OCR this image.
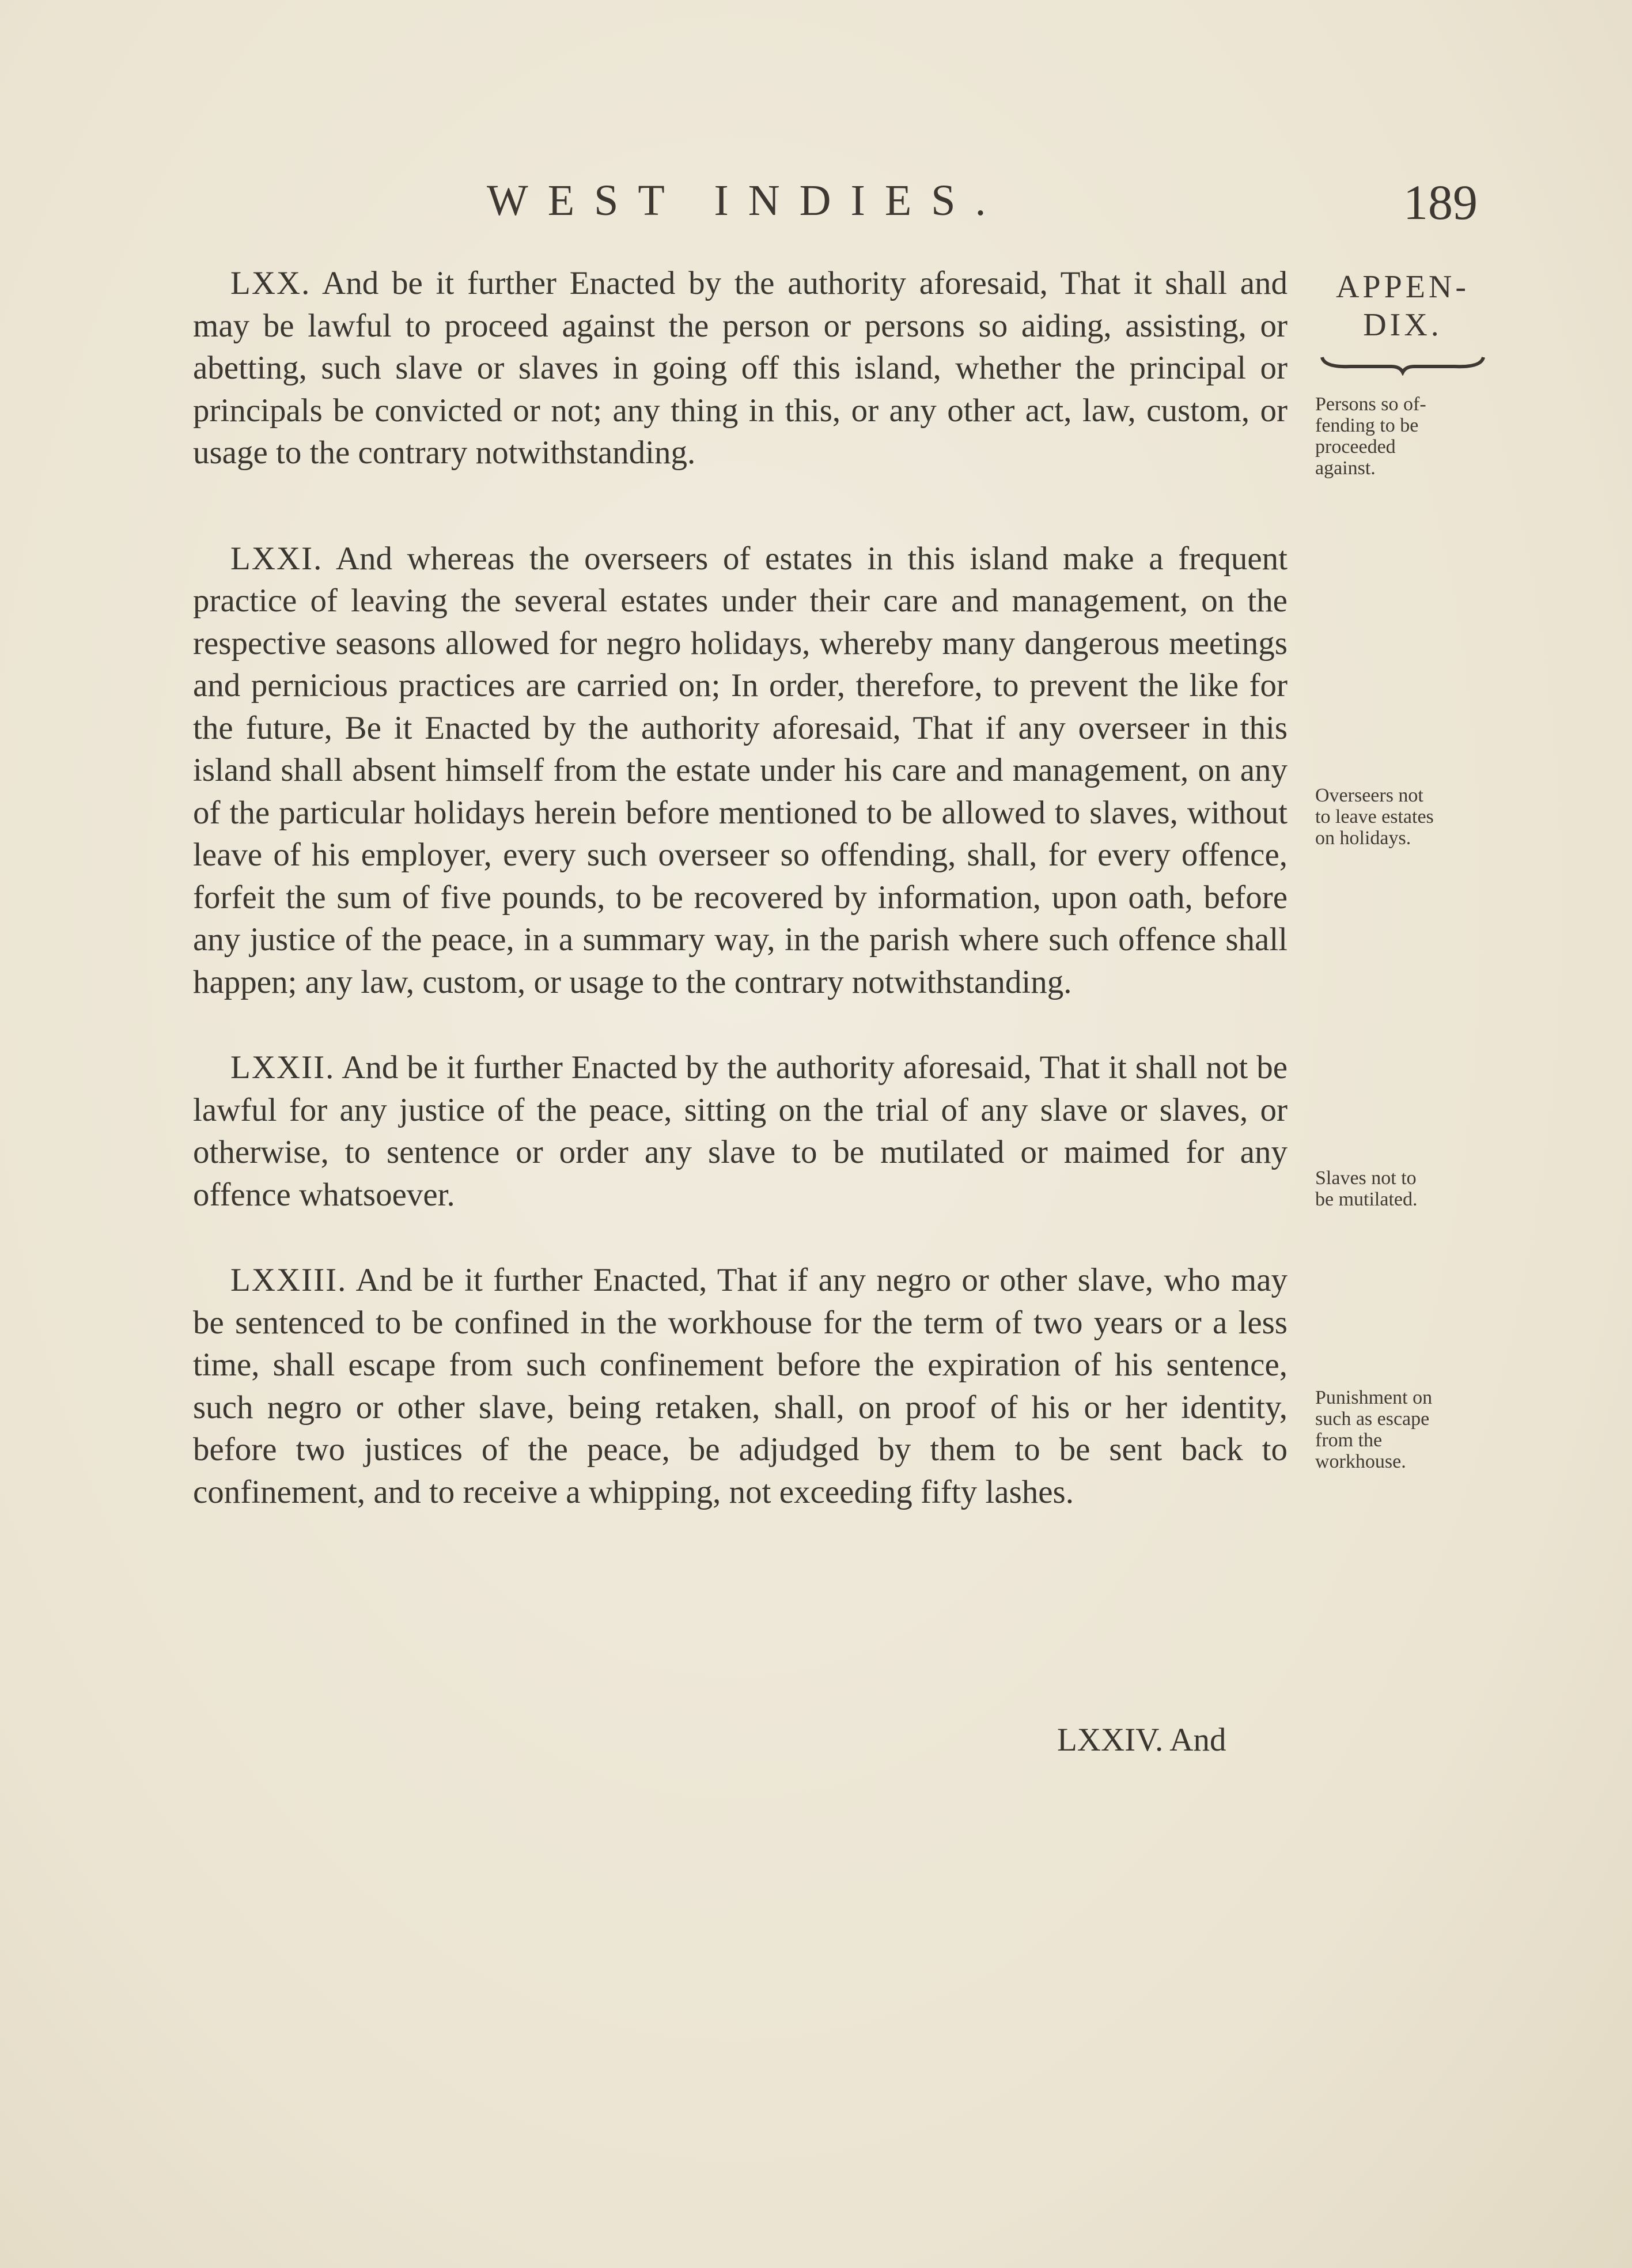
WEST INDIES.	189
APPEN-
DIX.

LXX. And be it further Enacted by the authority aforesaid, That it shall and may be lawful to proceed against the person or persons so aiding, assisting, or abetting, such slave or slaves in going off this island, whether the principal or principals be convicted or not; any thing in this, or any other act, law, custom, or usage to the contrary notwithstanding.

LXXI. And whereas the overseers of estates in this island make a frequent practice of leaving the several estates under their care and management, on the respective seasons allowed for negro holidays, whereby many dangerous meetings and pernicious practices are carried on; In order, therefore, to prevent the like for the future, Be it Enacted by the authority aforesaid, That if any overseer in this island shall absent himself from the estate under his care and management, on any of the particular holidays herein before mentioned to be allowed to slaves, without leave of his employer, every such overseer so offending, shall, for every offence, forfeit the sum of five pounds, to be recovered by information, upon oath, before any justice of the peace, in a summary way, in the parish where such offence shall happen; any law, custom, or usage to the contrary notwithstanding.

LXXII. And be it further Enacted by the authority aforesaid, That it shall not be lawful for any justice of the peace, sitting on the trial of any slave or slaves, or otherwise, to sentence or order any slave to be mutilated or maimed for any offence whatsoever.

LXXIII. And be it further Enacted, That if any negro or other slave, who may be sentenced to be confined in the workhouse for the term of two years or a less time, shall escape from such confinement before the expiration of his sentence, such negro or other slave, being retaken, shall, on proof of his or her identity, before two justices of the peace, be adjudged by them to be sent back to confinement, and to receive a whipping, not exceeding fifty lashes.

Persons so of-
fending to be
proceeded
against.
Overseers not
to leave estates
on holidays.
Slaves not to
be mutilated.
Punishment on
such as escape
from the
workhouse.
LXXIV. And
